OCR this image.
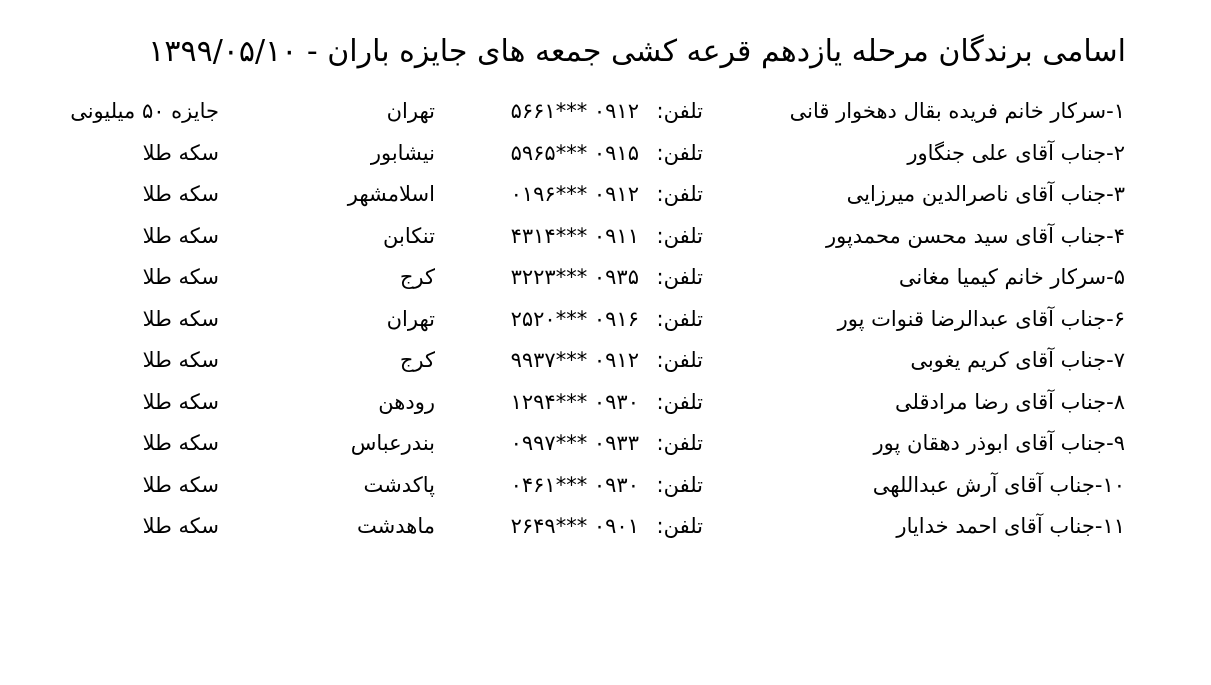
اسامی برندگان مرحله یازدهم قرعه کشی جمعه های جایزه باران - ۱۳۹۹/۰۵/۱۰
۱-سرکار خانم فریده بقال دهخوار قانی
تلفن:
۰۹۱۲ ***۵۶۶۱
تهران
جایزه ۵۰ میلیونی
۲-جناب آقای علی جنگاور
تلفن:
۰۹۱۵ ***۵۹۶۵
نیشابور
سکه طلا
۳-جناب آقای ناصرالدین میرزایی
تلفن:
۰۹۱۲ ***۰۱۹۶
اسلامشهر
سکه طلا
۴-جناب آقای سید محسن محمدپور
تلفن:
۰۹۱۱ ***۴۳۱۴
تنکابن
سکه طلا
۵-سرکار خانم کیمیا مغانی
تلفن:
۰۹۳۵ ***۳۲۲۳
کرج
سکه طلا
۶-جناب آقای عبدالرضا قنوات پور
تلفن:
۰۹۱۶ ***۲۵۲۰
تهران
سکه طلا
۷-جناب آقای کریم یغوبی
تلفن:
۰۹۱۲ ***۹۹۳۷
کرج
سکه طلا
۸-جناب آقای رضا مرادقلی
تلفن:
۰۹۳۰ ***۱۲۹۴
رودهن
سکه طلا
۹-جناب آقای ابوذر دهقان پور
تلفن:
۰۹۳۳ ***۰۹۹۷
بندرعباس
سکه طلا
۱۰-جناب آقای آرش عبداللهی
تلفن:
۰۹۳۰ ***۰۴۶۱
پاکدشت
سکه طلا
۱۱-جناب آقای احمد خدایار
تلفن:
۰۹۰۱ ***۲۶۴۹
ماهدشت
سکه طلا
